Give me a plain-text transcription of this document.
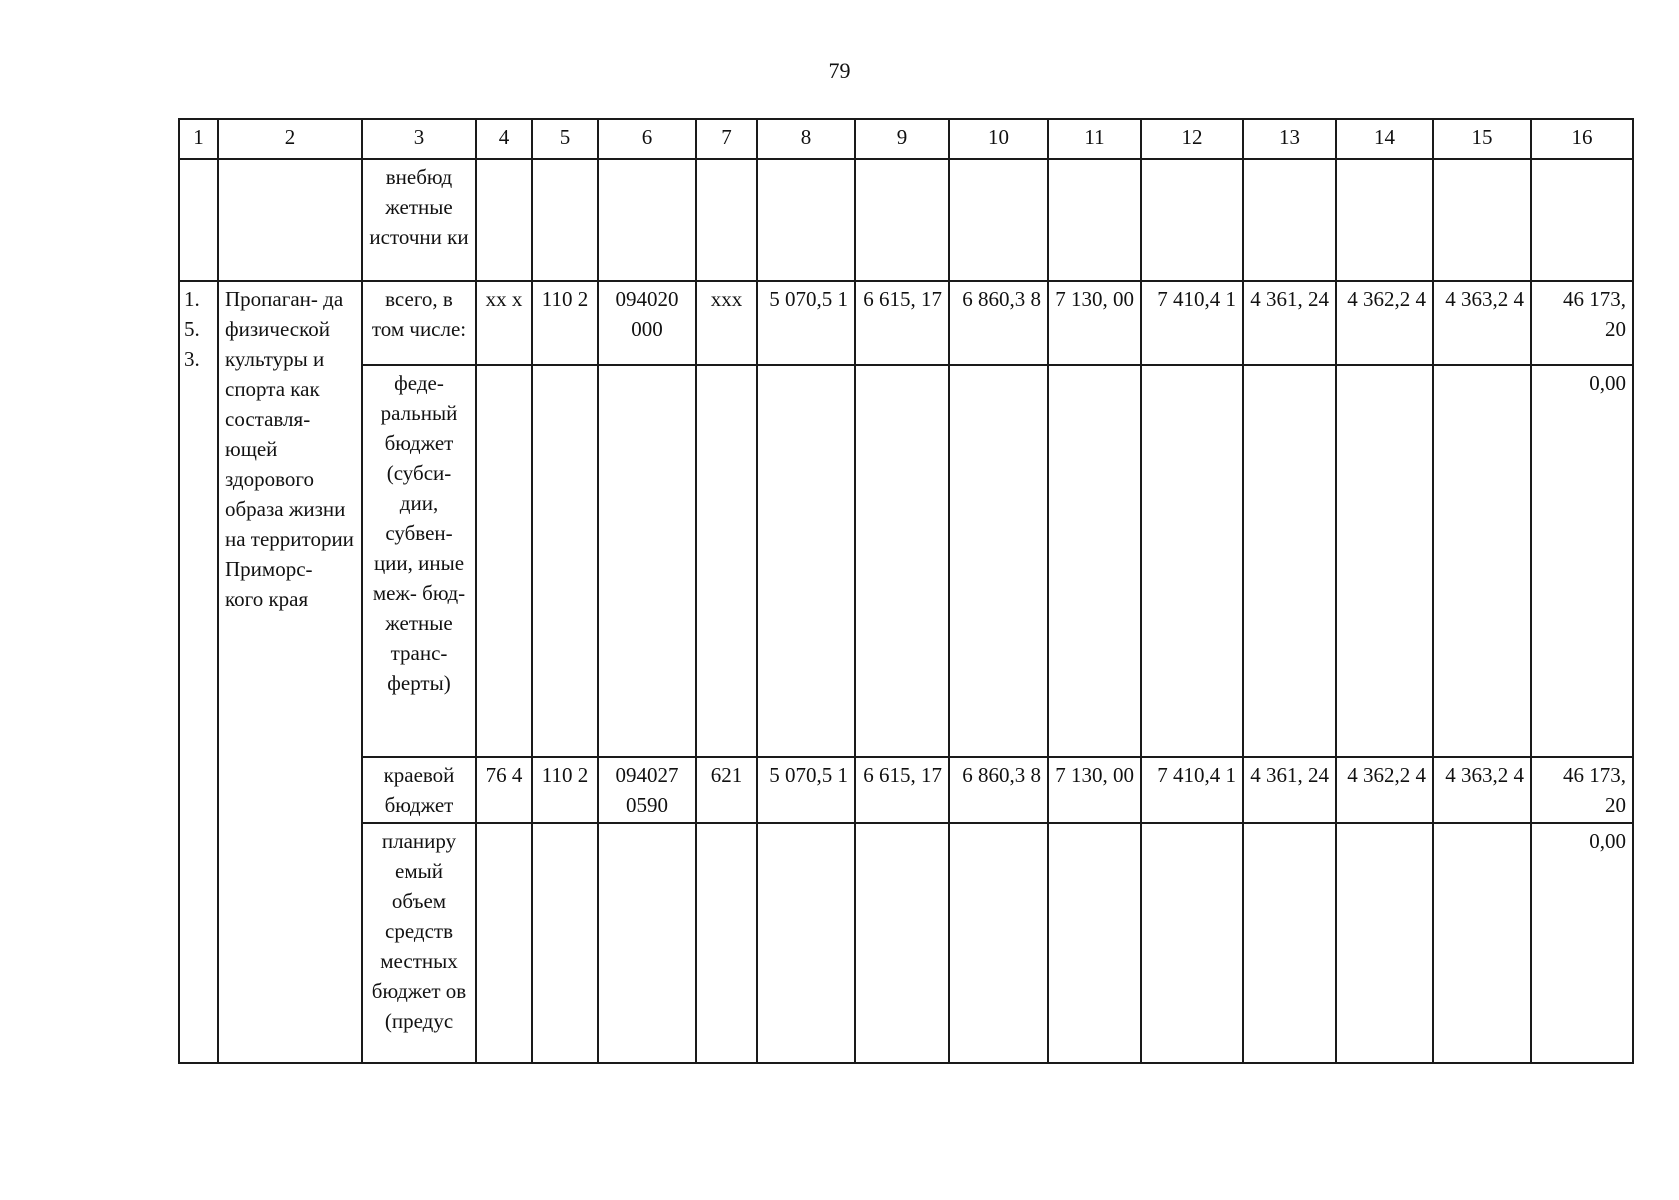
79
1	2	3	4	5	6	7	8	9	10	11	12	13	14	15	16
		внебюд жетные источни ки													
1. 5. 3.	Пропаган- да физической культуры и спорта как составля- ющей здорового образа жизни на территории Приморс- кого края	всего, в том числе:	хх х	110 2	094020 000	ххх	5 070,5 1	6 615, 17	6 860,3 8	7 130, 00	7 410,4 1	4 361, 24	4 362,2 4	4 363,2 4	46 173, 20
		феде- ральный бюджет (субси- дии, субвен- ции, иные меж- бюд- жетные транс- ферты)													0,00
		краевой бюджет	76 4	110 2	094027 0590	621	5 070,5 1	6 615, 17	6 860,3 8	7 130, 00	7 410,4 1	4 361, 24	4 362,2 4	4 363,2 4	46 173, 20
		планиру емый объем средств местных бюджет ов (предус													0,00
